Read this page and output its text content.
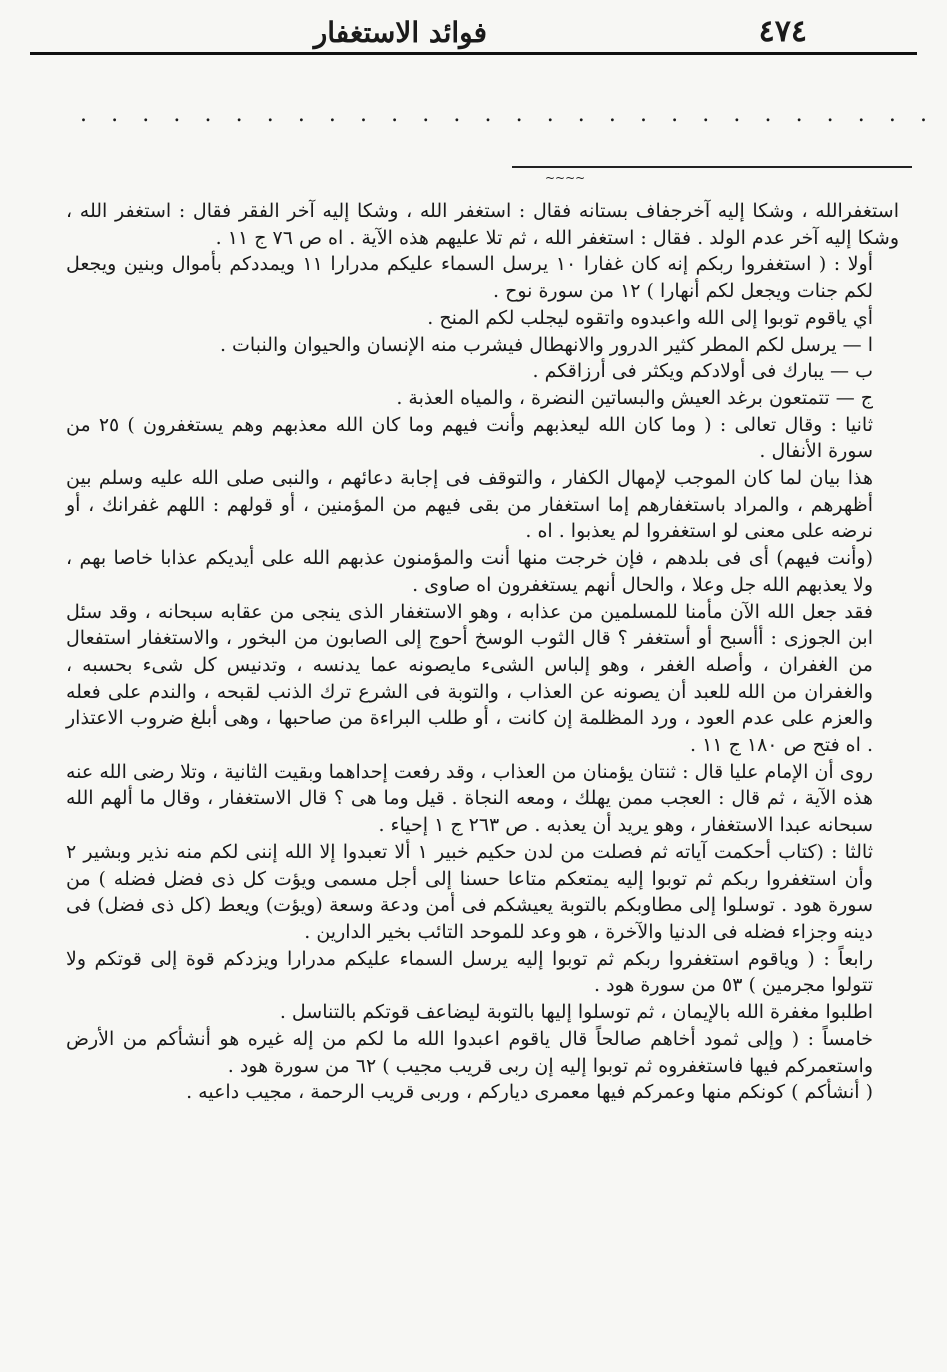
٤٧٤
فوائد الاستغفار
.
.
.
.
.
.
.
.
.
.
.
.
.
.
.
.
.
.
.
.
.
.
.
.
.
.
.
.
~~~~

استغفرالله ، وشكا إليه آخرجفاف بستانه فقال : استغفر الله ، وشكا إليه آخر الفقر فقال : استغفر الله ، وشكا إليه آخر عدم الولد . فقال : استغفر الله ، ثم تلا عليهم هذه الآية . اه ص ٧٦ ج ١١ .

أولا : ( استغفروا ربكم إنه كان غفارا ١٠ يرسل السماء عليكم مدرارا ١١ ويمددكم بأموال وبنين ويجعل لكم جنات ويجعل لكم أنهارا ) ١٢ من سورة نوح .

أي ياقوم توبوا إلى الله واعبدوه واتقوه ليجلب لكم المنح .

ا — يرسل لكم المطر كثير الدرور والانهطال فيشرب منه الإنسان والحيوان والنبات .

ب — يبارك فى أولادكم ويكثر فى أرزاقكم .

ج — تتمتعون برغد العيش والبساتين النضرة ، والمياه العذبة .

ثانيا : وقال تعالى : ( وما كان الله ليعذبهم وأنت فيهم وما كان الله معذبهم وهم يستغفرون ) ٢٥ من سورة الأنفال .

هذا بيان لما كان الموجب لإمهال الكفار ، والتوقف فى إجابة دعائهم ، والنبى صلى الله عليه وسلم بين أظهرهم ، والمراد باستغفارهم إما استغفار من بقى فيهم من المؤمنين ، أو قولهم : اللهم غفرانك ، أو نرضه على معنى لو استغفروا لم يعذبوا . اه .

(وأنت فيهم) أى فى بلدهم ، فإن خرجت منها أنت والمؤمنون عذبهم الله على أيديكم عذابا خاصا بهم ، ولا يعذبهم الله جل وعلا ، والحال أنهم يستغفرون اه صاوى .

فقد جعل الله الآن مأمنا للمسلمين من عذابه ، وهو الاستغفار الذى ينجى من عقابه سبحانه ، وقد سئل ابن الجوزى : أأسبح أو أستغفر ؟ قال الثوب الوسخ أحوج إلى الصابون من البخور ، والاستغفار استفعال من الغفران ، وأصله الغفر ، وهو إلباس الشىء مايصونه عما يدنسه ، وتدنيس كل شىء بحسبه ، والغفران من الله للعبد أن يصونه عن العذاب ، والتوبة فى الشرع ترك الذنب لقبحه ، والندم على فعله والعزم على عدم العود ، ورد المظلمة إن كانت ، أو طلب البراءة من صاحبها ، وهى أبلغ ضروب الاعتذار . اه فتح ص ١٨٠ ج ١١ .

روى أن الإمام عليا قال : ثنتان يؤمنان من العذاب ، وقد رفعت إحداهما وبقيت الثانية ، وتلا رضى الله عنه هذه الآية ، ثم قال : العجب ممن يهلك ، ومعه النجاة . قيل وما هى ؟ قال الاستغفار ، وقال ما ألهم الله سبحانه عبدا الاستغفار ، وهو يريد أن يعذبه . ص ٢٦٣ ج ١ إحياء .

ثالثا : (كتاب أحكمت آياته ثم فصلت من لدن حكيم خبير ١ ألا تعبدوا إلا الله إننى لكم منه نذير وبشير ٢ وأن استغفروا ربكم ثم توبوا إليه يمتعكم متاعا حسنا إلى أجل مسمى ويؤت كل ذى فضل فضله ) من سورة هود . توسلوا إلى مطاوبكم بالتوبة يعيشكم فى أمن ودعة وسعة (ويؤت) ويعط (كل ذى فضل) فى دينه وجزاء فضله فى الدنيا والآخرة ، هو وعد للموحد التائب بخير الدارين .

رابعاً : ( وياقوم استغفروا ربكم ثم توبوا إليه يرسل السماء عليكم مدرارا ويزدكم قوة إلى قوتكم ولا تتولوا مجرمين ) ٥٣ من سورة هود .

اطلبوا مغفرة الله بالإيمان ، ثم توسلوا إليها بالتوبة ليضاعف قوتكم بالتناسل .

خامساً : ( وإلى ثمود أخاهم صالحاً قال ياقوم اعبدوا الله ما لكم من إله غيره هو أنشأكم من الأرض واستعمركم فيها فاستغفروه ثم توبوا إليه إن ربى قريب مجيب ) ٦٢ من سورة هود .

( أنشأكم ) كونكم منها وعمركم فيها معمرى دياركم ، وربى قريب الرحمة ، مجيب داعيه .
